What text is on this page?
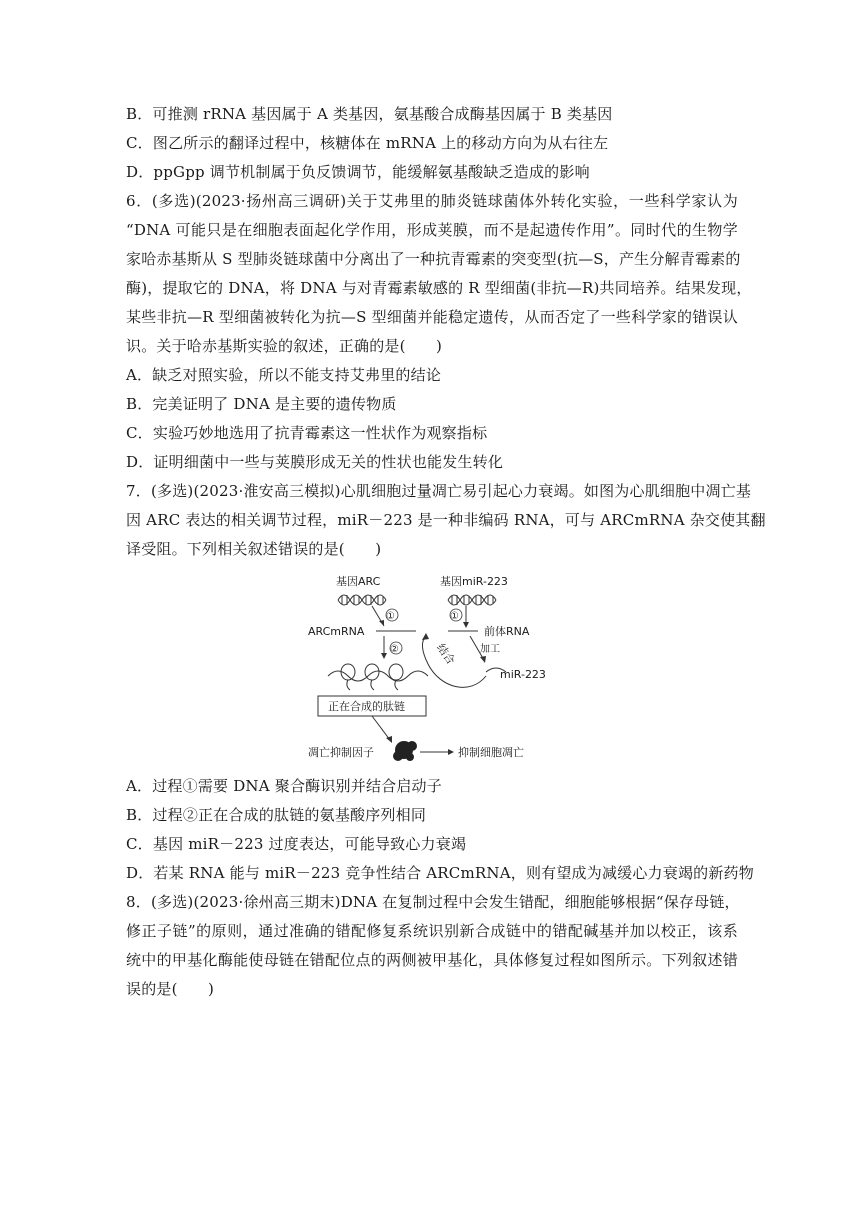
B．可推测 rRNA 基因属于 A 类基因，氨基酸合成酶基因属于 B 类基因
C．图乙所示的翻译过程中，核糖体在 mRNA 上的移动方向为从右往左
D．ppGpp 调节机制属于负反馈调节，能缓解氨基酸缺乏造成的影响
6．(多选)(2023·扬州高三调研)关于艾弗里的肺炎链球菌体外转化实验，一些科学家认为
“DNA 可能只是在细胞表面起化学作用，形成荚膜，而不是起遗传作用”。同时代的生物学
家哈赤基斯从 S 型肺炎链球菌中分离出了一种抗青霉素的突变型(抗—S，产生分解青霉素的
酶)，提取它的 DNA，将 DNA 与对青霉素敏感的 R 型细菌(非抗—R)共同培养。结果发现，
某些非抗—R 型细菌被转化为抗—S 型细菌并能稳定遗传，从而否定了一些科学家的错误认
识。关于哈赤基斯实验的叙述，正确的是(　　)
A．缺乏对照实验，所以不能支持艾弗里的结论
B．完美证明了 DNA 是主要的遗传物质
C．实验巧妙地选用了抗青霉素这一性状作为观察指标
D．证明细菌中一些与荚膜形成无关的性状也能发生转化
7．(多选)(2023·淮安高三模拟)心肌细胞过量凋亡易引起心力衰竭。如图为心肌细胞中凋亡基
因 ARC 表达的相关调节过程，miR－223 是一种非编码 RNA，可与 ARCmRNA 杂交使其翻
译受阻。下列相关叙述错误的是(　　)
基因ARC
①
基因miR-223
①
ARCmRNA	前体RNA
加工
miR-223
结合
②
正在合成的肽链
凋亡抑制因子	抑制细胞凋亡
A．过程①需要 DNA 聚合酶识别并结合启动子
B．过程②正在合成的肽链的氨基酸序列相同
C．基因 miR－223 过度表达，可能导致心力衰竭
D．若某 RNA 能与 miR－223 竞争性结合 ARCmRNA，则有望成为减缓心力衰竭的新药物
8．(多选)(2023·徐州高三期末)DNA 在复制过程中会发生错配，细胞能够根据“保存母链，
修正子链”的原则，通过准确的错配修复系统识别新合成链中的错配碱基并加以校正，该系
统中的甲基化酶能使母链在错配位点的两侧被甲基化，具体修复过程如图所示。下列叙述错
误的是(　　)
